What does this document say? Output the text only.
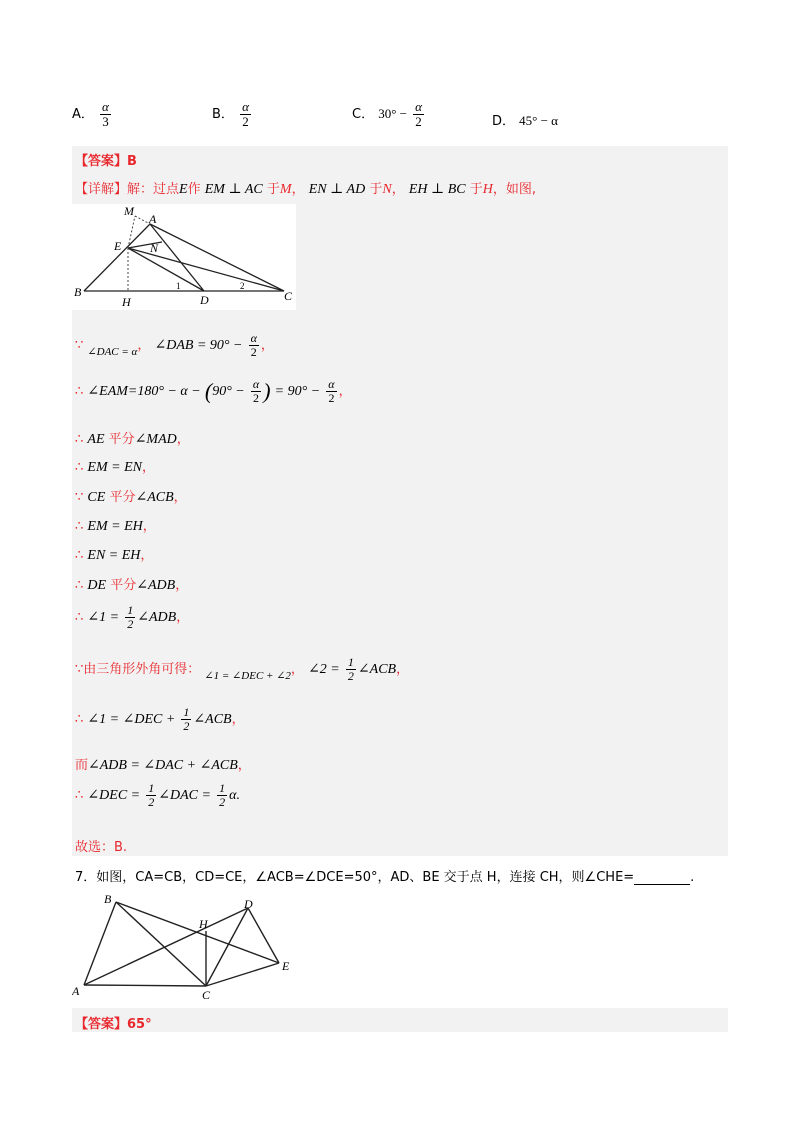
A． $\frac{\alpha}{3}$	B． $\frac{\alpha}{2}$	C． $30^\circ - \frac{\alpha}{2}$	D． 45° − α
【答案】B
【详解】解：过点E作 EM ⊥ AC 于M， EN ⊥ AD 于N， EH ⊥ BC 于H，如图,
M
A
E N
B
H	D	C
1	2
∵ $_{\angle DAC = \alpha}$， ∠DAB = $90^\circ - \frac{\alpha}{2}$ ，
∴ ∠EAM=180° − $\alpha - (90^\circ - \frac{\alpha}{2}$ ) = $90^\circ - \frac{\alpha}{2}$ ，
∴ AE 平分∠MAD，
∴ EM = EN，
∵ CE 平分∠ACB，
∴ EM = EH，
∴ EN = EH，
∴ DE 平分∠ADB，
∴ ∠1 = $\frac{1}{2}$ ∠ADB，
∵由三角形外角可得： $_{\angle 1 = \angle DEC + \angle 2}$， ∠2 = $\frac{1}{2}$ ∠ACB，
∴ ∠1 = ∠DEC + $\frac{1}{2}$ ∠ACB，
而∠ADB = ∠DAC + ∠ACB，
∴ ∠DEC = $\frac{1}{2}$ ∠DAC = $\frac{1}{2} \alpha$.
故选：B.
7．如图，CA=CB，CD=CE，∠ACB=∠DCE=50°，AD、BE 交于点 H，连接 CH，则∠CHE=	.
B
H
D
E
A	C
【答案】65°
